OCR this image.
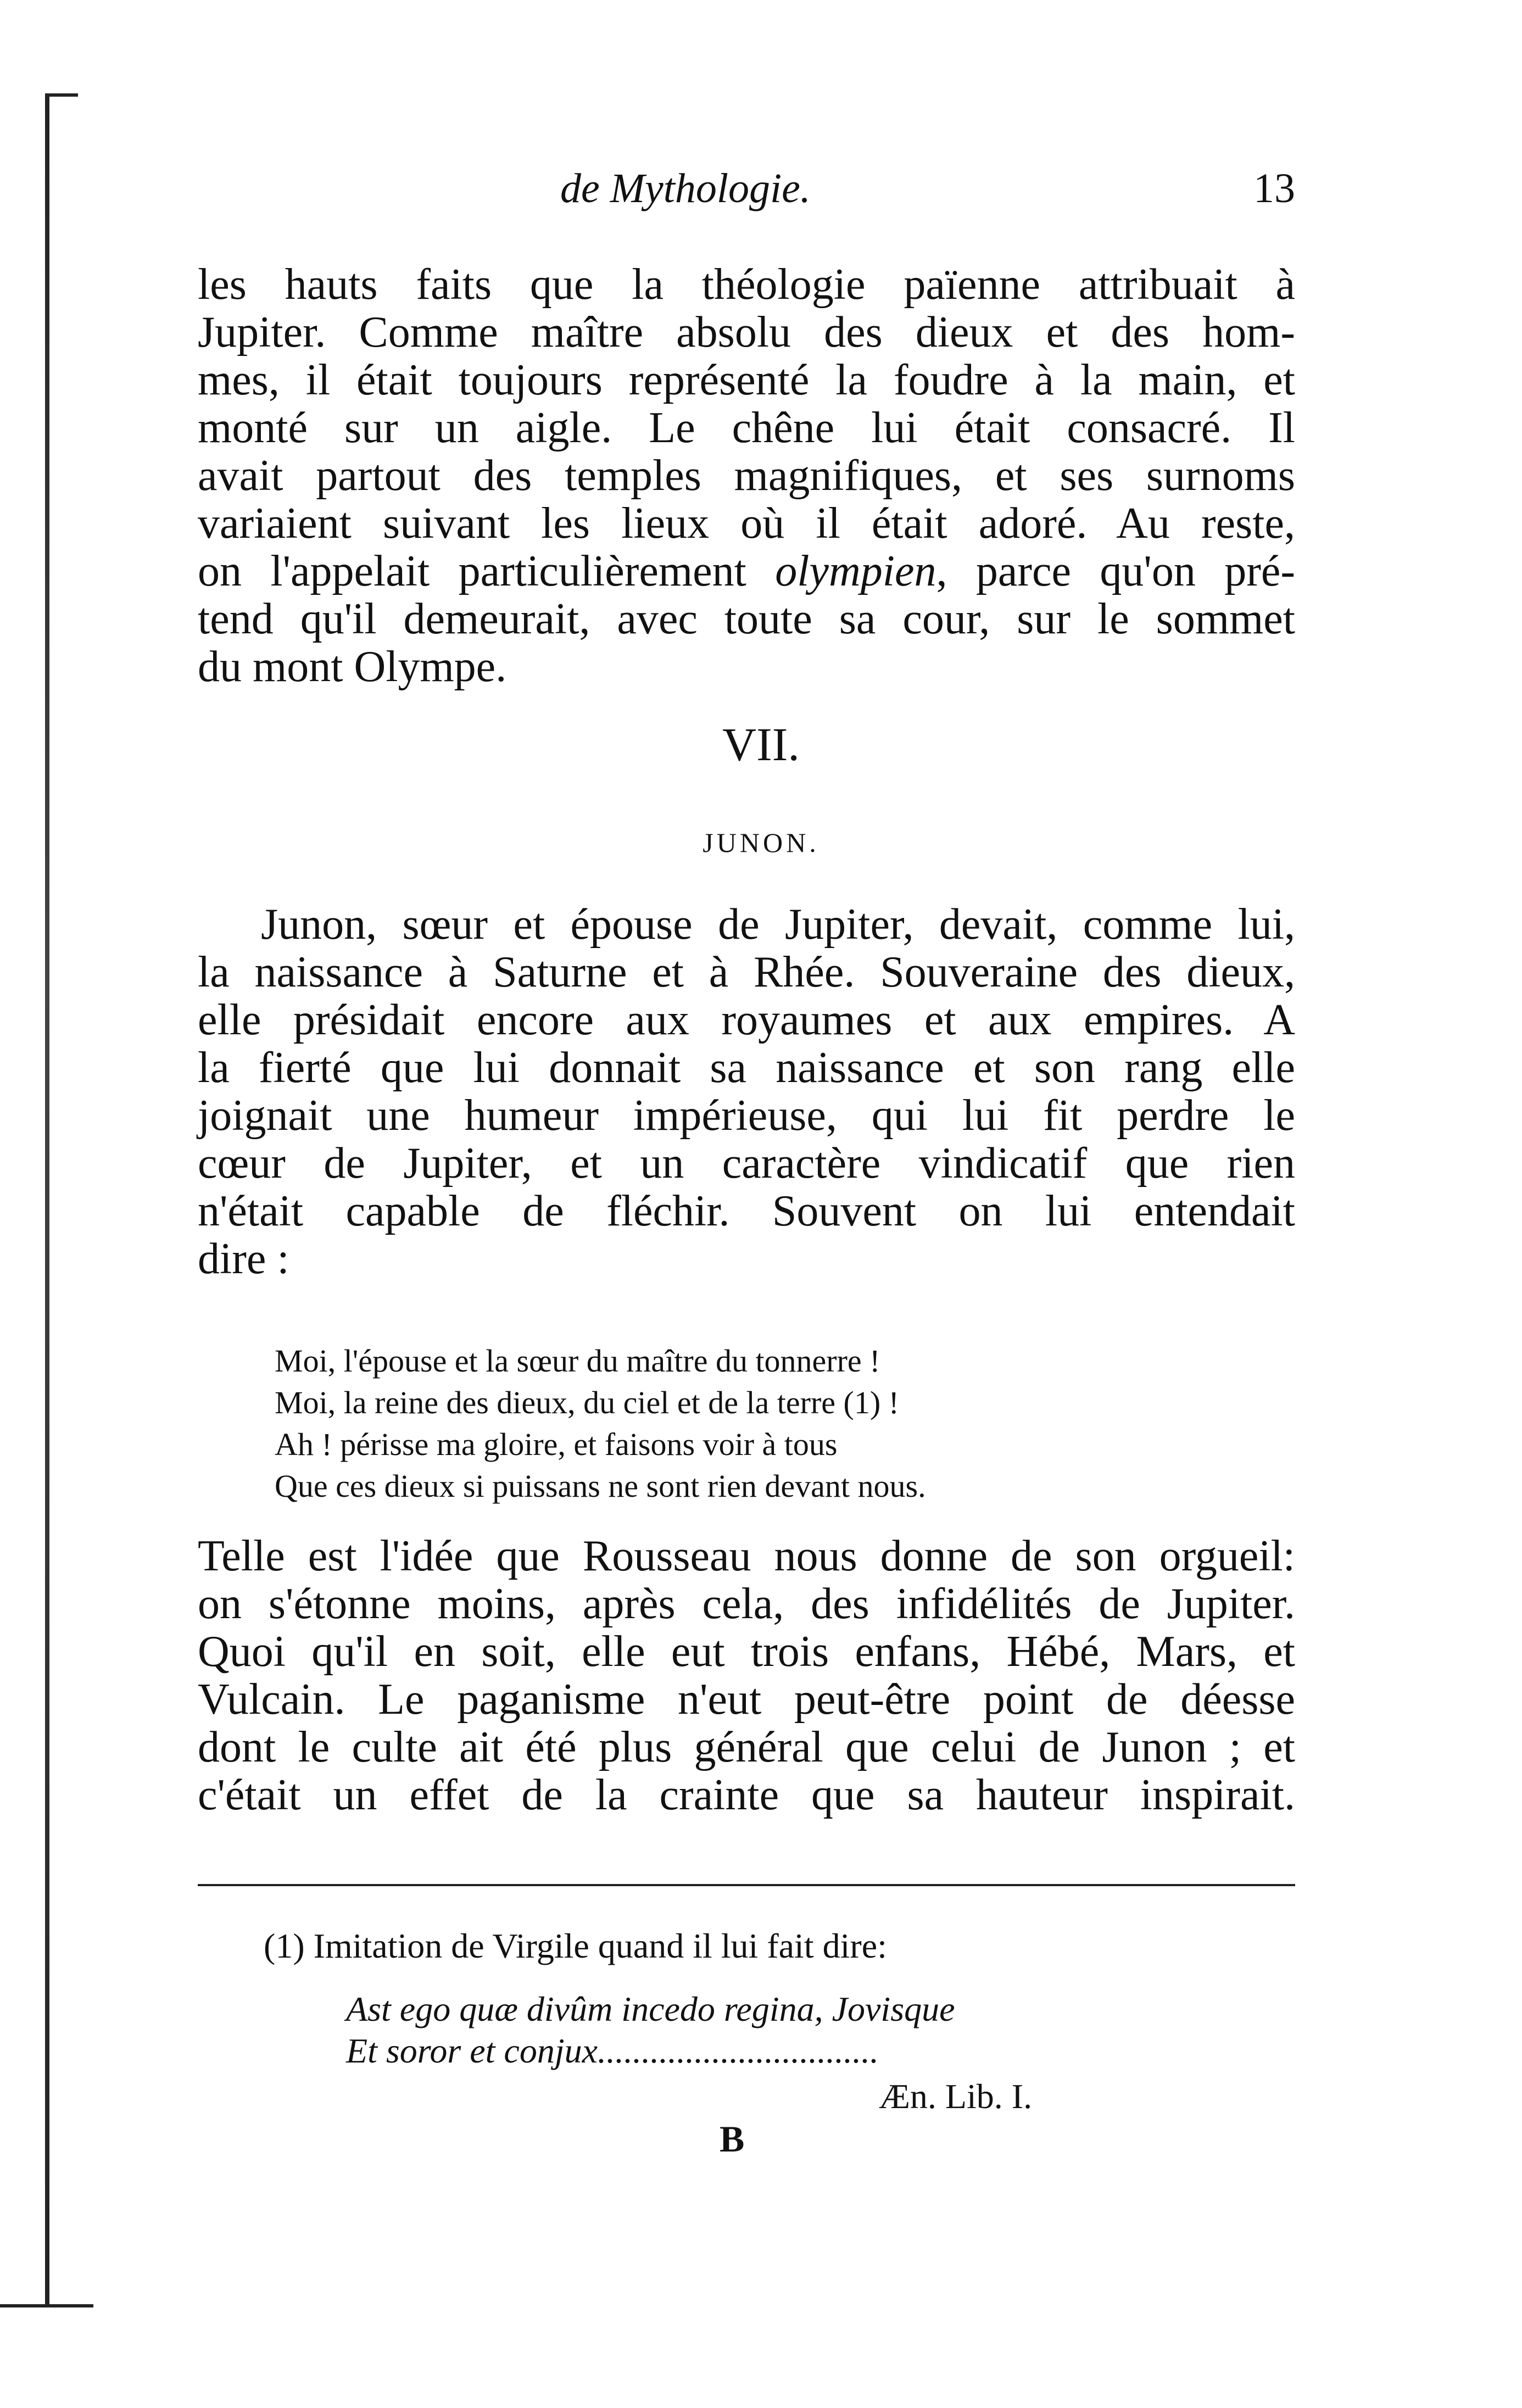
de Mythologie.	13
les hauts faits que la théologie païenne attribuait à
Jupiter. Comme maître absolu des dieux et des hom-
mes, il était toujours représenté la foudre à la main, et
monté sur un aigle. Le chêne lui était consacré. Il
avait partout des temples magnifiques, et ses surnoms
variaient suivant les lieux où il était adoré. Au reste,
on l'appelait particulièrement olympien, parce qu'on pré-
tend qu'il demeurait, avec toute sa cour, sur le sommet
du mont Olympe.
VII.
JUNON.
Junon, sœur et épouse de Jupiter, devait, comme lui,
la naissance à Saturne et à Rhée. Souveraine des dieux,
elle présidait encore aux royaumes et aux empires. A
la fierté que lui donnait sa naissance et son rang elle
joignait une humeur impérieuse, qui lui fit perdre le
cœur de Jupiter, et un caractère vindicatif que rien
n'était capable de fléchir. Souvent on lui entendait
dire :
Moi, l'épouse et la sœur du maître du tonnerre !
Moi, la reine des dieux, du ciel et de la terre (1) !
Ah ! périsse ma gloire, et faisons voir à tous
Que ces dieux si puissans ne sont rien devant nous.
Telle est l'idée que Rousseau nous donne de son orgueil:
on s'étonne moins, après cela, des infidélités de Jupiter.
Quoi qu'il en soit, elle eut trois enfans, Hébé, Mars, et
Vulcain. Le paganisme n'eut peut-être point de déesse
dont le culte ait été plus général que celui de Junon ; et
c'était un effet de la crainte que sa hauteur inspirait.
(1) Imitation de Virgile quand il lui fait dire:
Ast ego quæ divûm incedo regina, Jovisque
Et soror et conjux................................
Æn. Lib. I.
B
